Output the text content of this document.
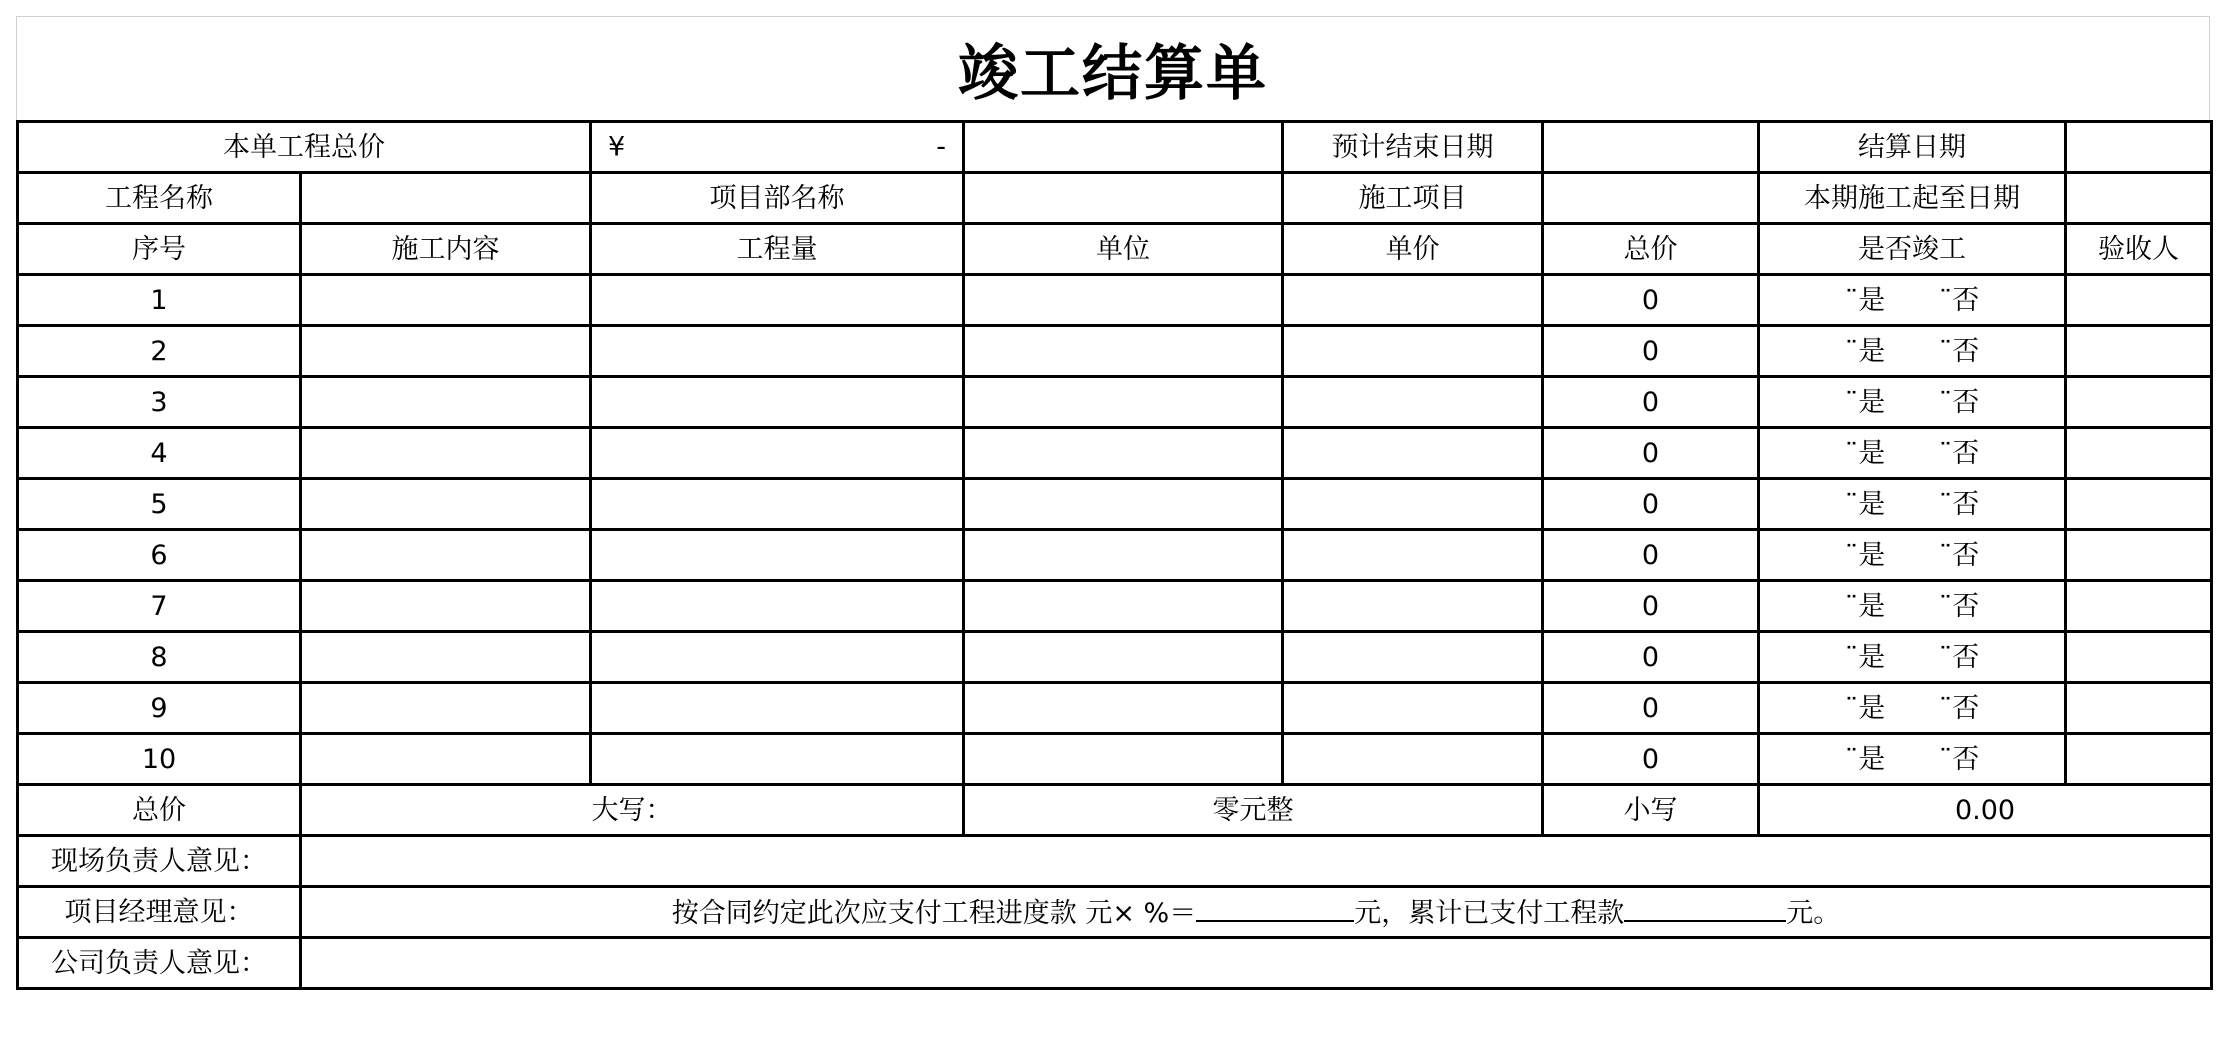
竣工结算单
本单工程总价		¥ -		预计结束日期		结算日期	
工程名称		项目部名称		施工项目		本期施工起至日期	
序号	施工内容	工程量	单位	单价	总价	是否竣工	验收人
1					0	¨是 ¨否	
2					0	¨是 ¨否	
3					0	¨是 ¨否	
4					0	¨是 ¨否	
5					0	¨是 ¨否	
6					0	¨是 ¨否	
7					0	¨是 ¨否	
8					0	¨是 ¨否	
9					0	¨是 ¨否	
10					0	¨是 ¨否	
总价	大写：		零元整		小写	0.00	
现场负责人意见：							
项目经理意见：	按合同约定此次应支付工程进度款 元× %＝ 元，累计已支付工程款 元。						
公司负责人意见：							
